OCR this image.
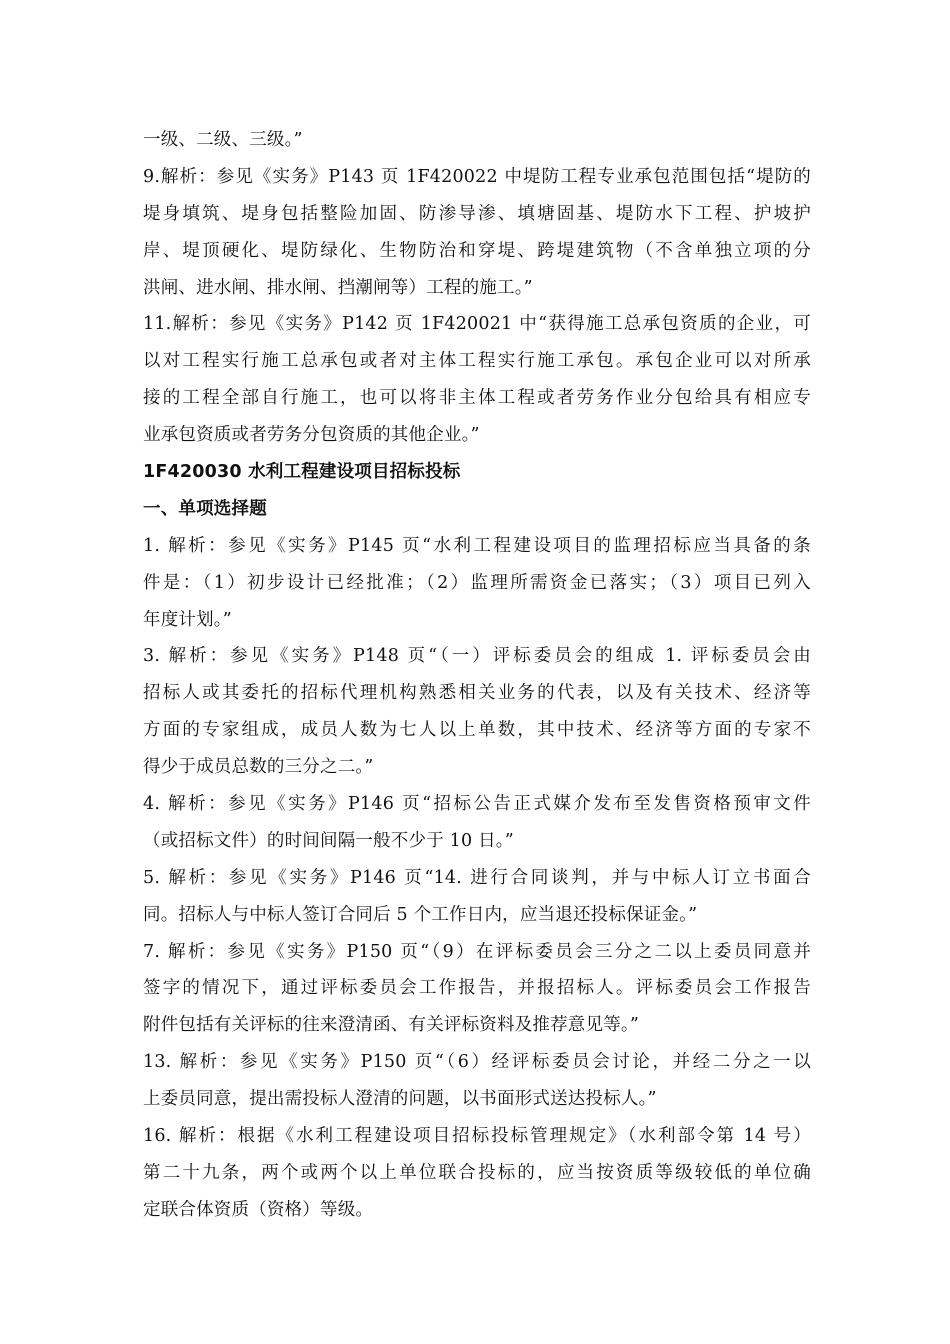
一级、二级、三级。”
9.解析：参见《实务》P143 页 1F420022 中堤防工程专业承包范围包括“堤防的
堤身填筑、堤身包括整险加固、防渗导渗、填塘固基、堤防水下工程、护坡护
岸、堤顶硬化、堤防绿化、生物防治和穿堤、跨堤建筑物（不含单独立项的分
洪闸、进水闸、排水闸、挡潮闸等）工程的施工。”
11.解析：参见《实务》P142 页 1F420021 中“获得施工总承包资质的企业，可
以对工程实行施工总承包或者对主体工程实行施工承包。承包企业可以对所承
接的工程全部自行施工，也可以将非主体工程或者劳务作业分包给具有相应专
业承包资质或者劳务分包资质的其他企业。”
1F420030 水利工程建设项目招标投标
一、单项选择题
1. 解析：参见《实务》P145 页“水利工程建设项目的监理招标应当具备的条
件是：（1）初步设计已经批准；（2）监理所需资金已落实；（3）项目已列入
年度计划。”
3. 解析：参见《实务》P148 页“（一）评标委员会的组成 1. 评标委员会由
招标人或其委托的招标代理机构熟悉相关业务的代表，以及有关技术、经济等
方面的专家组成，成员人数为七人以上单数，其中技术、经济等方面的专家不
得少于成员总数的三分之二。”
4. 解析：参见《实务》P146 页“招标公告正式媒介发布至发售资格预审文件
（或招标文件）的时间间隔一般不少于 10 日。”
5. 解析：参见《实务》P146 页“14. 进行合同谈判，并与中标人订立书面合
同。招标人与中标人签订合同后 5 个工作日内，应当退还投标保证金。”
7. 解析：参见《实务》P150 页“（9）在评标委员会三分之二以上委员同意并
签字的情况下，通过评标委员会工作报告，并报招标人。评标委员会工作报告
附件包括有关评标的往来澄清函、有关评标资料及推荐意见等。”
13. 解析：参见《实务》P150 页“（6）经评标委员会讨论，并经二分之一以
上委员同意，提出需投标人澄清的问题，以书面形式送达投标人。”
16. 解析：根据《水利工程建设项目招标投标管理规定》（水利部令第 14 号）
第二十九条，两个或两个以上单位联合投标的，应当按资质等级较低的单位确
定联合体资质（资格）等级。
